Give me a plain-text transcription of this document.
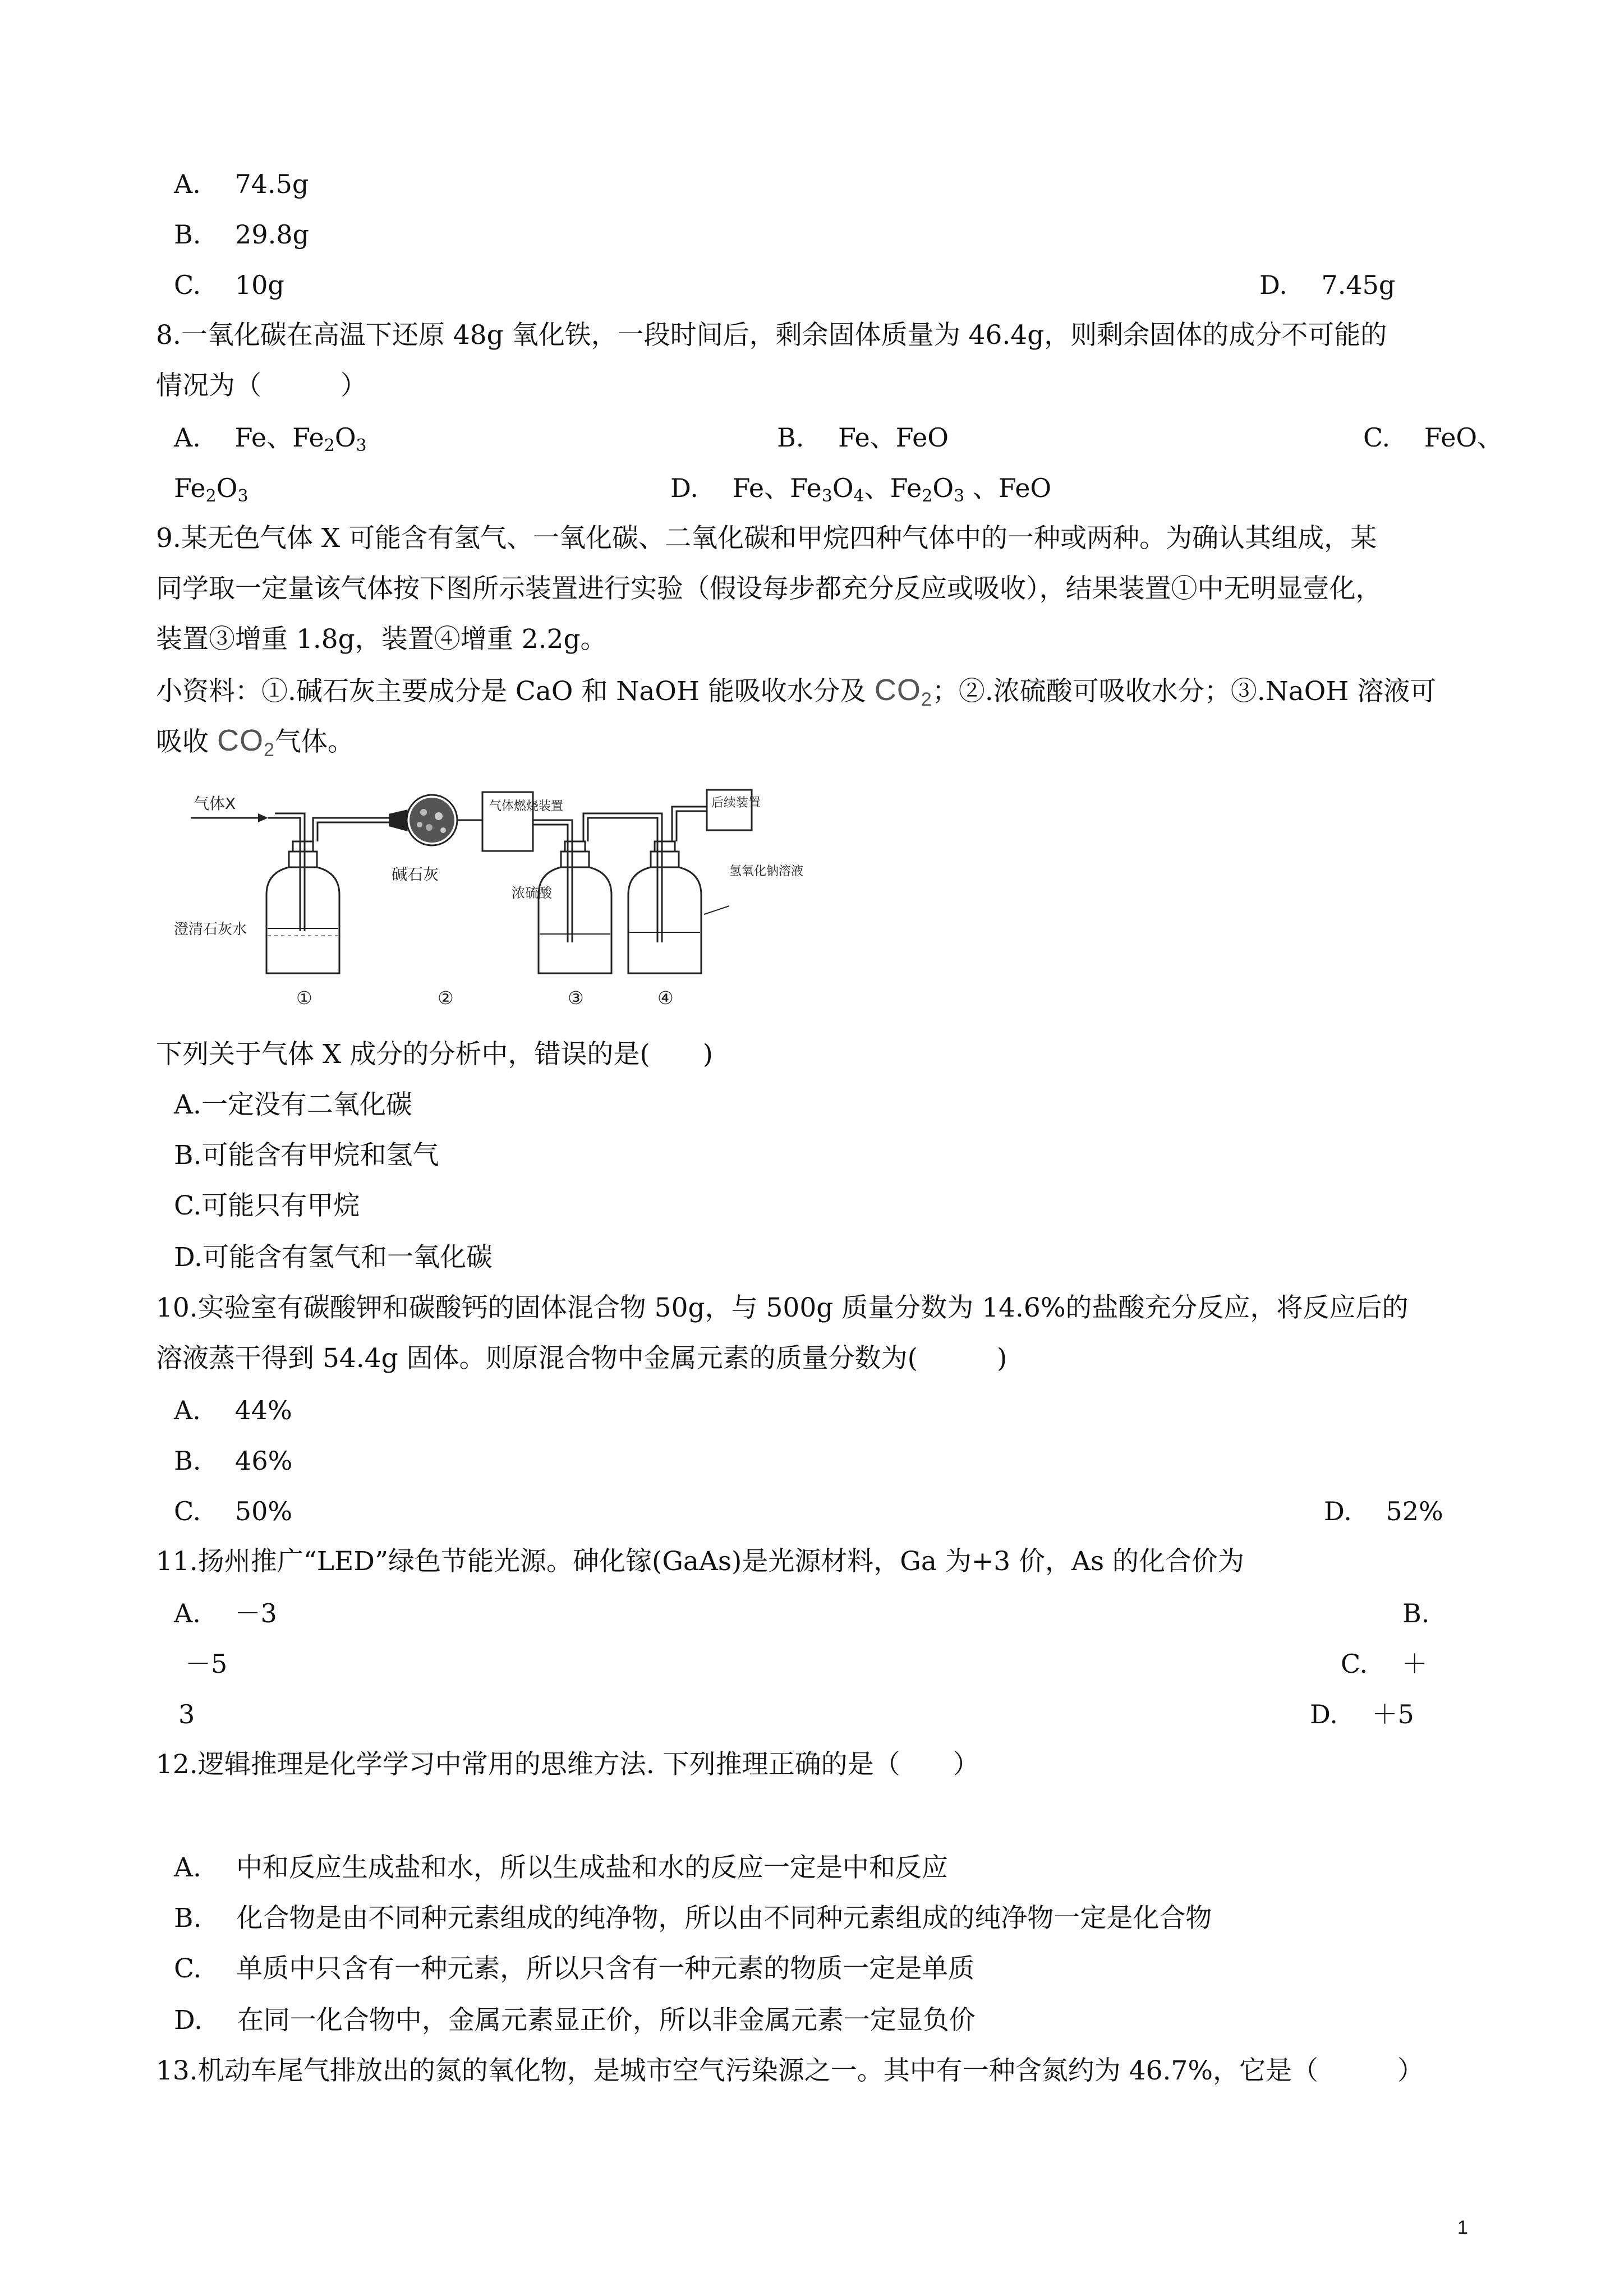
A.　 74.5g
B.　 29.8g
C.　 10g	D.　 7.45g
8.一氧化碳在高温下还原 48g 氧化铁，一段时间后，剩余固体质量为 46.4g，则剩余固体的成分不可能的
情况为（　　　）
A.　 Fe、$Fe_2O_3$	B.　 Fe、FeO	C.　 FeO、
$Fe_2O_3$	D.　 Fe、$Fe_3O_4$、$Fe_2O_3$ 、FeO
9.某无色气体 X 可能含有氢气、一氧化碳、二氧化碳和甲烷四种气体中的一种或两种。为确认其组成，某
同学取一定量该气体按下图所示装置进行实验（假设每步都充分反应或吸收），结果装置①中无明显壹化，
装置③增重 1.8g，装置④增重 2.2g。
小资料：①.碱石灰主要成分是 CaO 和 NaOH 能吸收水分及 $CO_2$；②.浓硫酸可吸收水分；③.NaOH 溶液可
吸收 $CO_2$气体。
气体X
碱石灰
气体燃烧装置
浓硫酸
后续装置
氢氧化钠溶液
澄清石灰水
①	②	③	④
下列关于气体 X 成分的分析中，错误的是(　　)
A.一定没有二氧化碳
B.可能含有甲烷和氢气
C.可能只有甲烷
D.可能含有氢气和一氧化碳
10.实验室有碳酸钾和碳酸钙的固体混合物 50g，与 500g 质量分数为 14.6%的盐酸充分反应，将反应后的
溶液蒸干得到 54.4g 固体。则原混合物中金属元素的质量分数为(　　　)
A.　 44%
B.　 46%
C.　 50%	D.　 52%
11.扬州推广“LED”绿色节能光源。砷化镓(GaAs)是光源材料，Ga 为+3 价，As 的化合价为
A.　 －3	B.
－5	C.　 ＋
3	D.　 ＋5
12.逻辑推理是化学学习中常用的思维方法. 下列推理正确的是（　　）
A.　 中和反应生成盐和水，所以生成盐和水的反应一定是中和反应
B.　 化合物是由不同种元素组成的纯净物，所以由不同种元素组成的纯净物一定是化合物
C.　 单质中只含有一种元素，所以只含有一种元素的物质一定是单质
D.　 在同一化合物中，金属元素显正价，所以非金属元素一定显负价
13.机动车尾气排放出的氮的氧化物，是城市空气污染源之一。其中有一种含氮约为 46.7%，它是（　　　）
1
